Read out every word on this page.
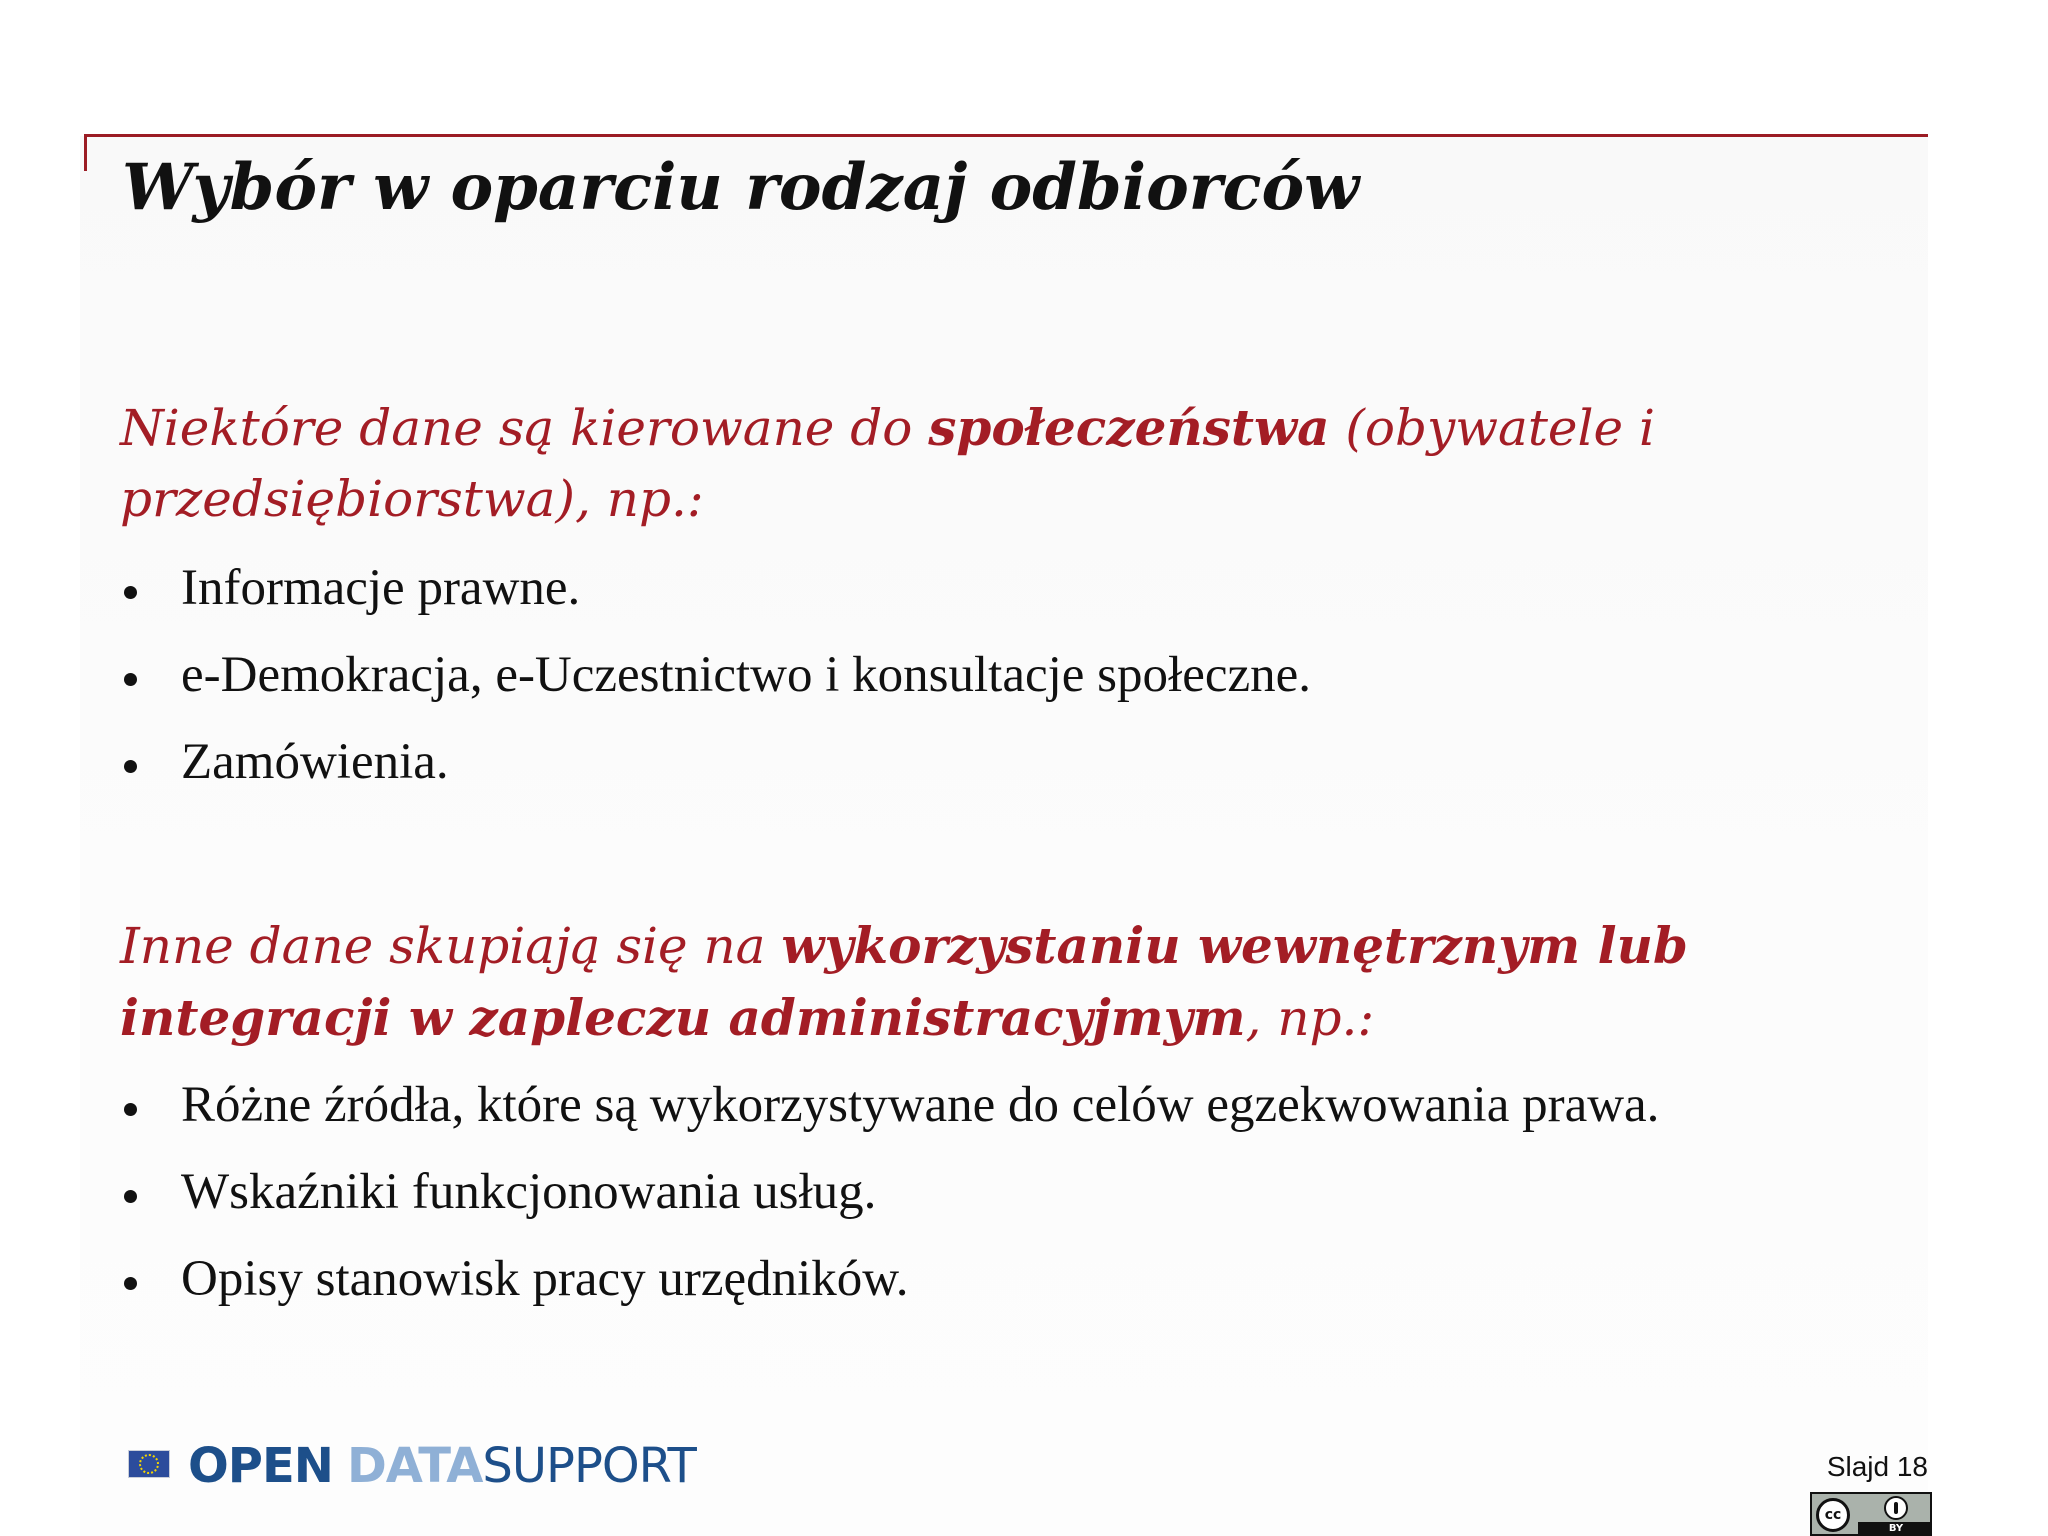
Wybór w oparciu rodzaj odbiorców
Niektóre dane są kierowane do społeczeństwa (obywatele i przedsiębiorstwa), np.:
Informacje prawne.
e-Demokracja, e-Uczestnictwo i konsultacje społeczne.
Zamówienia.
Inne dane skupiają się na wykorzystaniu wewnętrznym lub integracji w zapleczu administracyjmym, np.:
Różne źródła, które są wykorzystywane do celów egzekwowania prawa.
Wskaźniki funkcjonowania usług.
Opisy stanowisk pracy urzędników.
OPEN DATA SUPPORT	Slajd 18
cc
BY
